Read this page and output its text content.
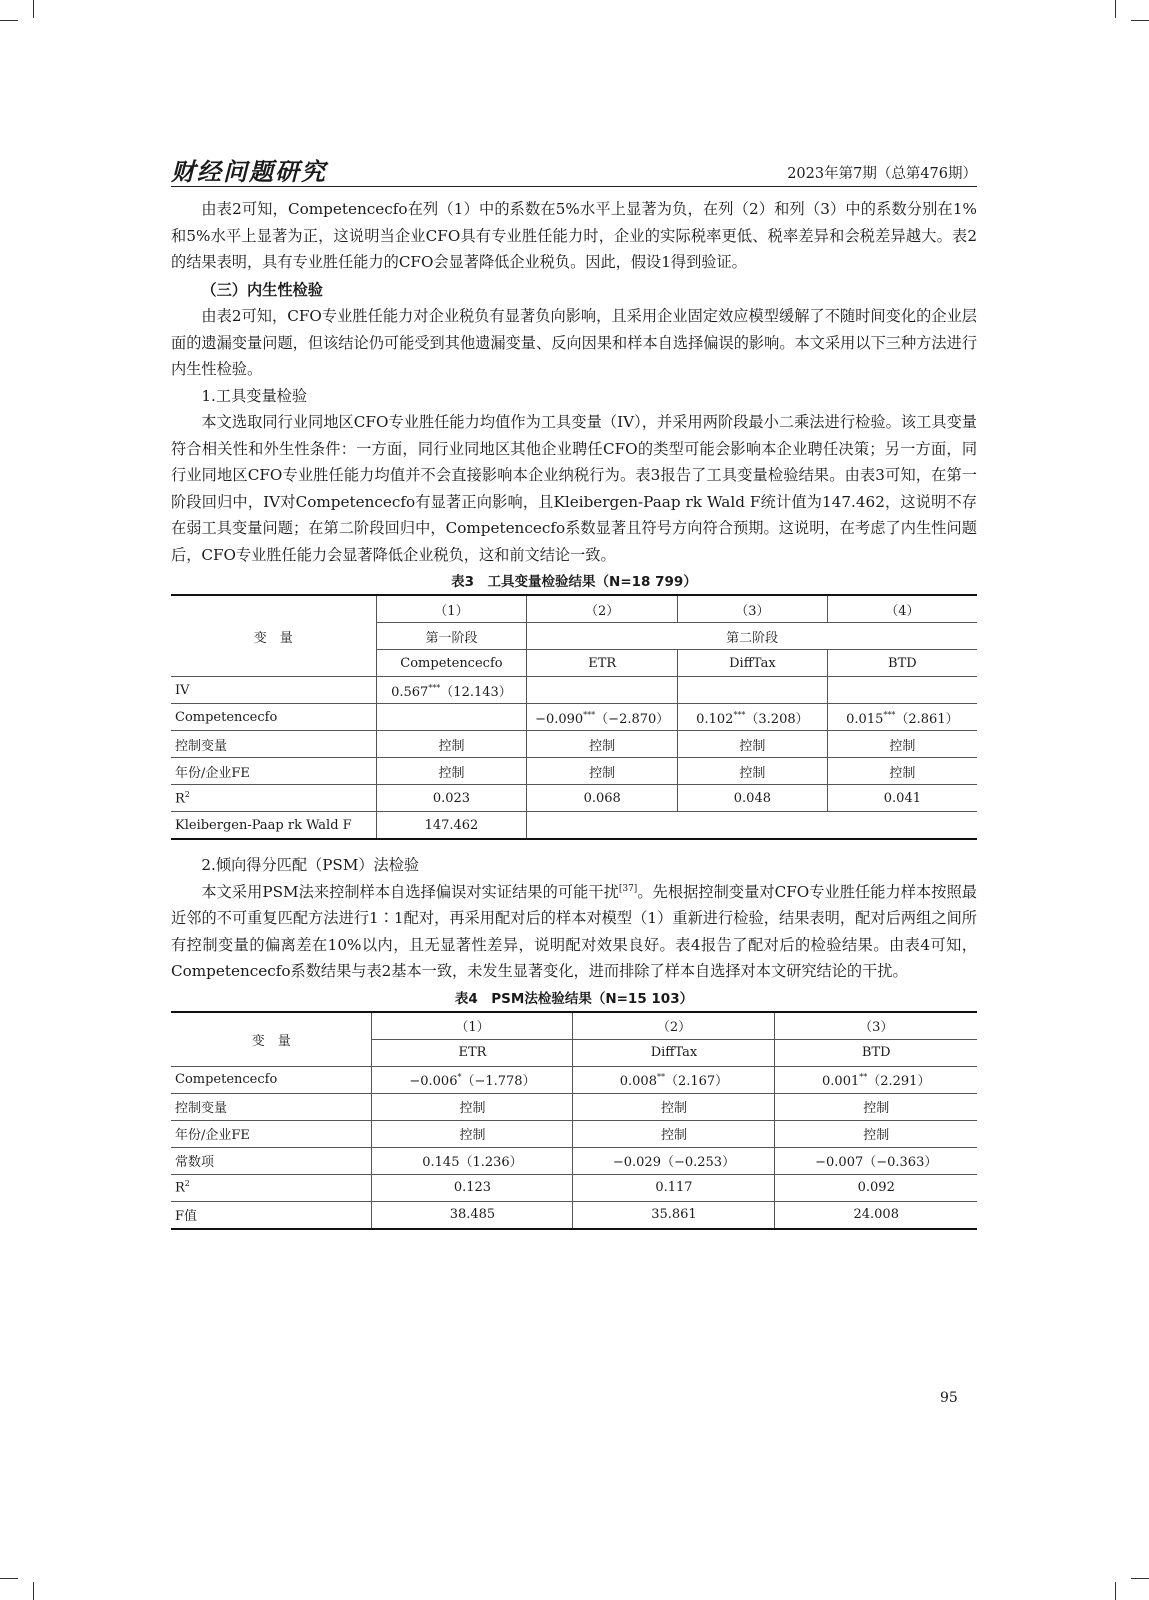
财经问题研究	2023年第7期（总第476期）

由表2可知，Competencecfo在列（1）中的系数在5%水平上显著为负，在列（2）和列（3）中的系数分别在1%和5%水平上显著为正，这说明当企业CFO具有专业胜任能力时，企业的实际税率更低、税率差异和会税差异越大。表2的结果表明，具有专业胜任能力的CFO会显著降低企业税负。因此，假设1得到验证。

（三）内生性检验

由表2可知，CFO专业胜任能力对企业税负有显著负向影响，且采用企业固定效应模型缓解了不随时间变化的企业层面的遗漏变量问题，但该结论仍可能受到其他遗漏变量、反向因果和样本自选择偏误的影响。本文采用以下三种方法进行内生性检验。

1.工具变量检验

本文选取同行业同地区CFO专业胜任能力均值作为工具变量（IV），并采用两阶段最小二乘法进行检验。该工具变量符合相关性和外生性条件：一方面，同行业同地区其他企业聘任CFO的类型可能会影响本企业聘任决策；另一方面，同行业同地区CFO专业胜任能力均值并不会直接影响本企业纳税行为。表3报告了工具变量检验结果。由表3可知，在第一阶段回归中，IV对Competencecfo有显著正向影响，且Kleibergen-Paap rk Wald F统计值为147.462，这说明不存在弱工具变量问题；在第二阶段回归中，Competencecfo系数显著且符号方向符合预期。这说明，在考虑了内生性问题后，CFO专业胜任能力会显著降低企业税负，这和前文结论一致。

表3　工具变量检验结果（N=18 799）
变　量	（1）	（2）	（3）	（4）
	第一阶段	第二阶段		
	Competencecfo	ETR	DiffTax	BTD
IV	0.567***（12.143）			
Competencecfo		−0.090***（−2.870）	0.102***（3.208）	0.015***（2.861）
控制变量	控制	控制	控制	控制
年份/企业FE	控制	控制	控制	控制
$R^2$	0.023	0.068	0.048	0.041
Kleibergen-Paap rk Wald F	147.462			

2.倾向得分匹配（PSM）法检验

本文采用PSM法来控制样本自选择偏误对实证结果的可能干扰[37]。先根据控制变量对CFO专业胜任能力样本按照最近邻的不可重复匹配方法进行1∶1配对，再采用配对后的样本对模型（1）重新进行检验，结果表明，配对后两组之间所有控制变量的偏离差在10%以内，且无显著性差异，说明配对效果良好。表4报告了配对后的检验结果。由表4可知，Competencecfo系数结果与表2基本一致，未发生显著变化，进而排除了样本自选择对本文研究结论的干扰。

表4　PSM法检验结果（N=15 103）
变　量	（1）	（2）	（3）
	ETR	DiffTax	BTD
Competencecfo	−0.006*（−1.778）	0.008**（2.167）	0.001**（2.291）
控制变量	控制	控制	控制
年份/企业FE	控制	控制	控制
常数项	0.145（1.236）	−0.029（−0.253）	−0.007（−0.363）
$R^2$	0.123	0.117	0.092
F值	38.485	35.861	24.008
95
